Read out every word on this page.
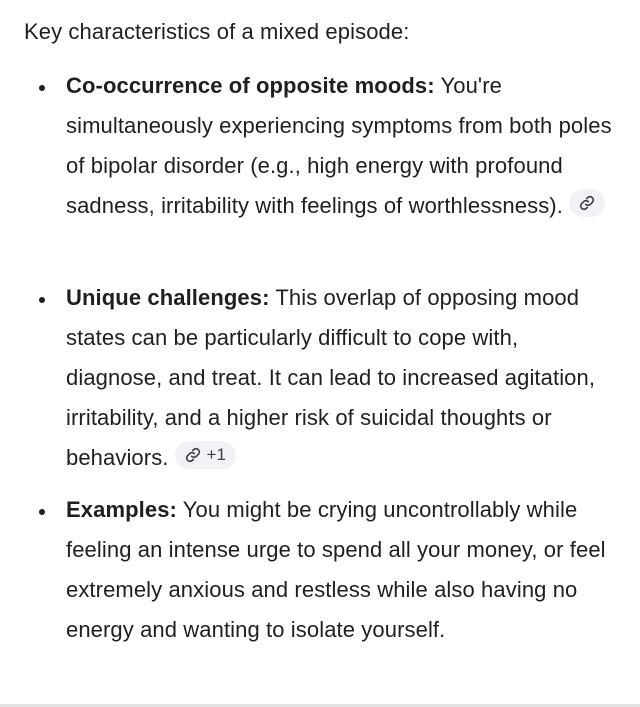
Key characteristics of a mixed episode:

Co-occurrence of opposite moods: You're simultaneously experiencing symptoms from both poles of bipolar disorder (e.g., high energy with profound sadness, irritability with feelings of worthlessness).
Unique challenges: This overlap of opposing mood states can be particularly difficult to cope with, diagnose, and treat. It can lead to increased agitation, irritability, and a higher risk of suicidal thoughts or behaviors. +1
Examples: You might be crying uncontrollably while feeling an intense urge to spend all your money, or feel extremely anxious and restless while also having no energy and wanting to isolate yourself.
